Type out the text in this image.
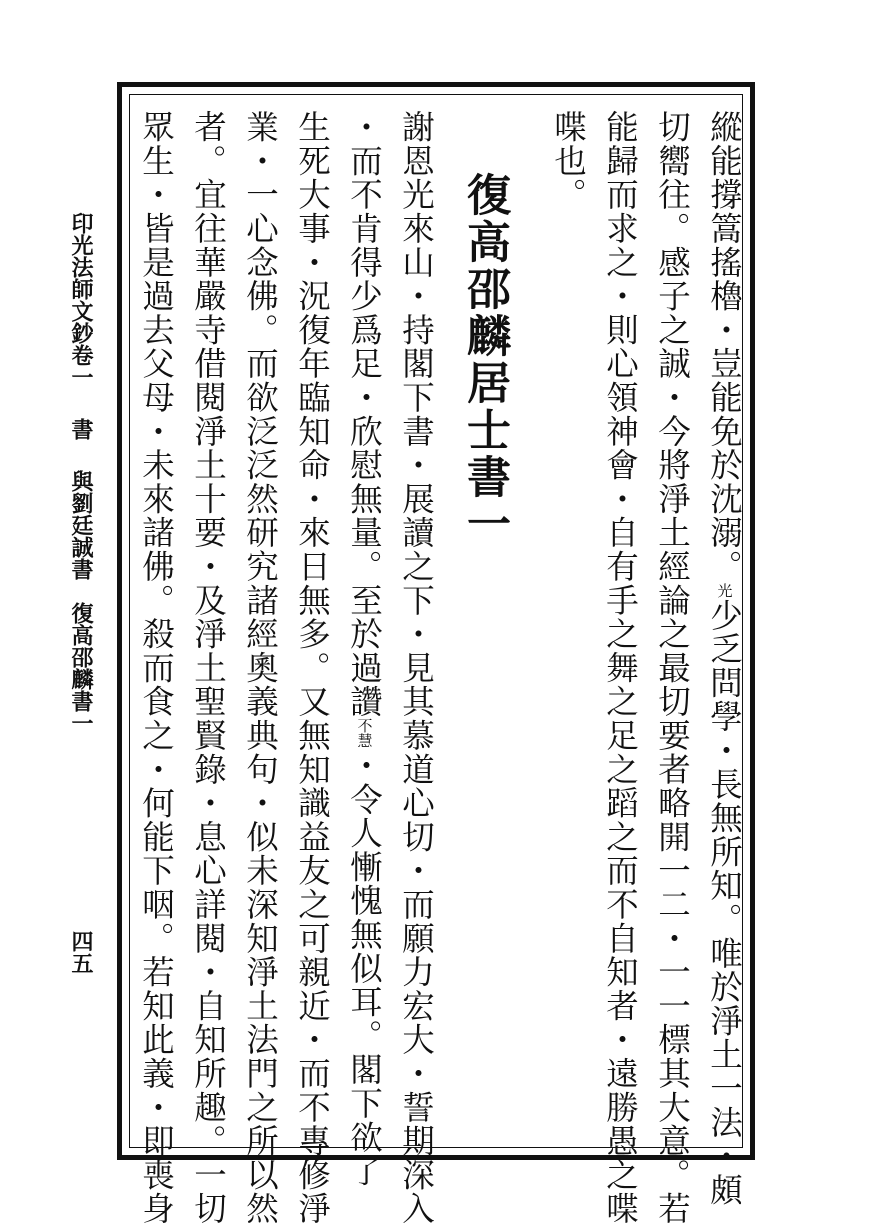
縱能撐篙搖櫓・豈能免於沈溺。光少乏問學・長無所知。唯於淨土一法・頗
切嚮往。感子之誠・今將淨土經論之最切要者略開一二・一一標其大意。若
能歸而求之・則心領神會・自有手之舞之足之蹈之而不自知者・遠勝愚之喋
喋也。
復高邵麟居士書一
謝恩光來山・持閣下書・展讀之下・見其慕道心切・而願力宏大・誓期深入
・而不肯得少爲足・欣慰無量。至於過讚不慧・令人慚愧無似耳。閣下欲了
生死大事・況復年臨知命・來日無多。又無知識益友之可親近・而不專修淨
業・一心念佛。而欲泛泛然研究諸經奧義典句・似未深知淨土法門之所以然
者。宜往華嚴寺借閱淨土十要・及淨土聖賢錄・息心詳閱・自知所趣。一切
眾生・皆是過去父母・未來諸佛。殺而食之・何能下咽。若知此義・即喪身
印光法師文鈔卷一書與劉廷誠書　復高邵麟書一
四五
